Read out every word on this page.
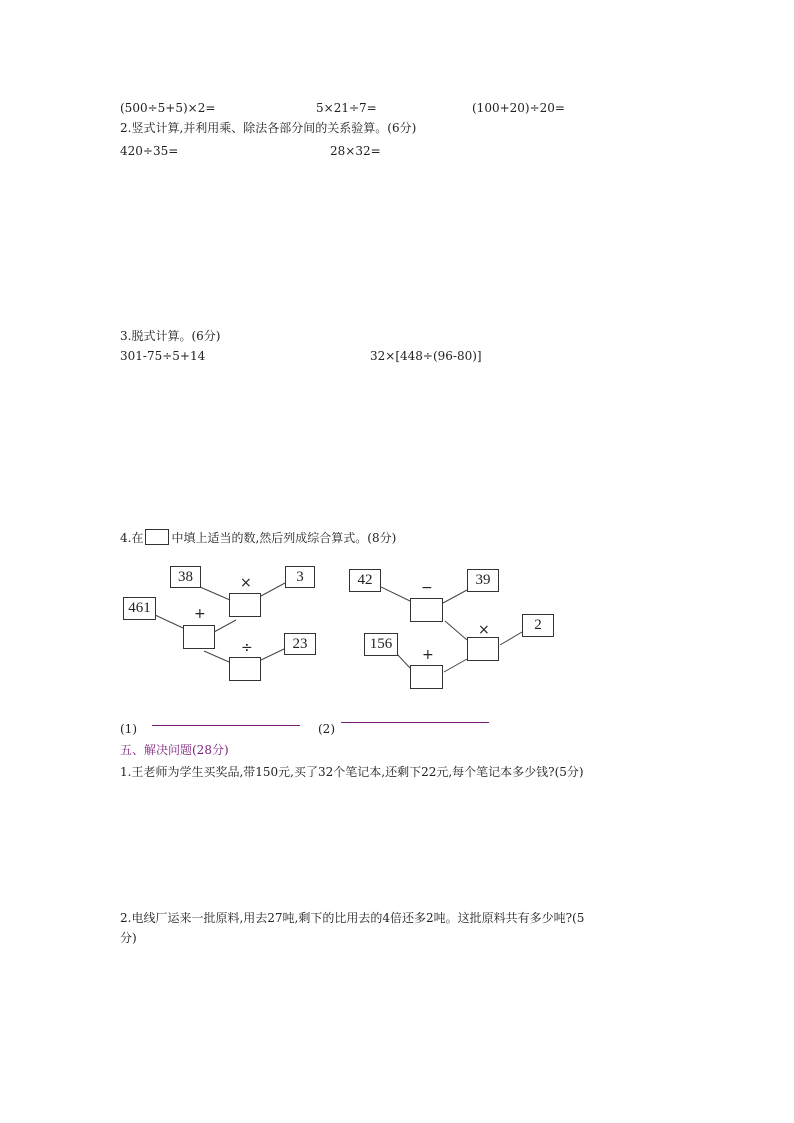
(500÷5+5)×2=	5×21÷7=	(100+20)÷20=
2.竖式计算,并利用乘、除法各部分间的关系验算。(6分)
420÷35=	28×32=
3.脱式计算。(6分)
301-75÷5+14	32×[448÷(96-80)]
4.在 中填上适当的数,然后列成综合算式。(8分)
38	3
461
23
×
+
÷
42	39
2
156
−
×
+
(1)	(2)
五、解决问题(28分)
1.王老师为学生买奖品,带150元,买了32个笔记本,还剩下22元,每个笔记本多少钱?(5分)
2.电线厂运来一批原料,用去27吨,剩下的比用去的4倍还多2吨。这批原料共有多少吨?(5
分)
